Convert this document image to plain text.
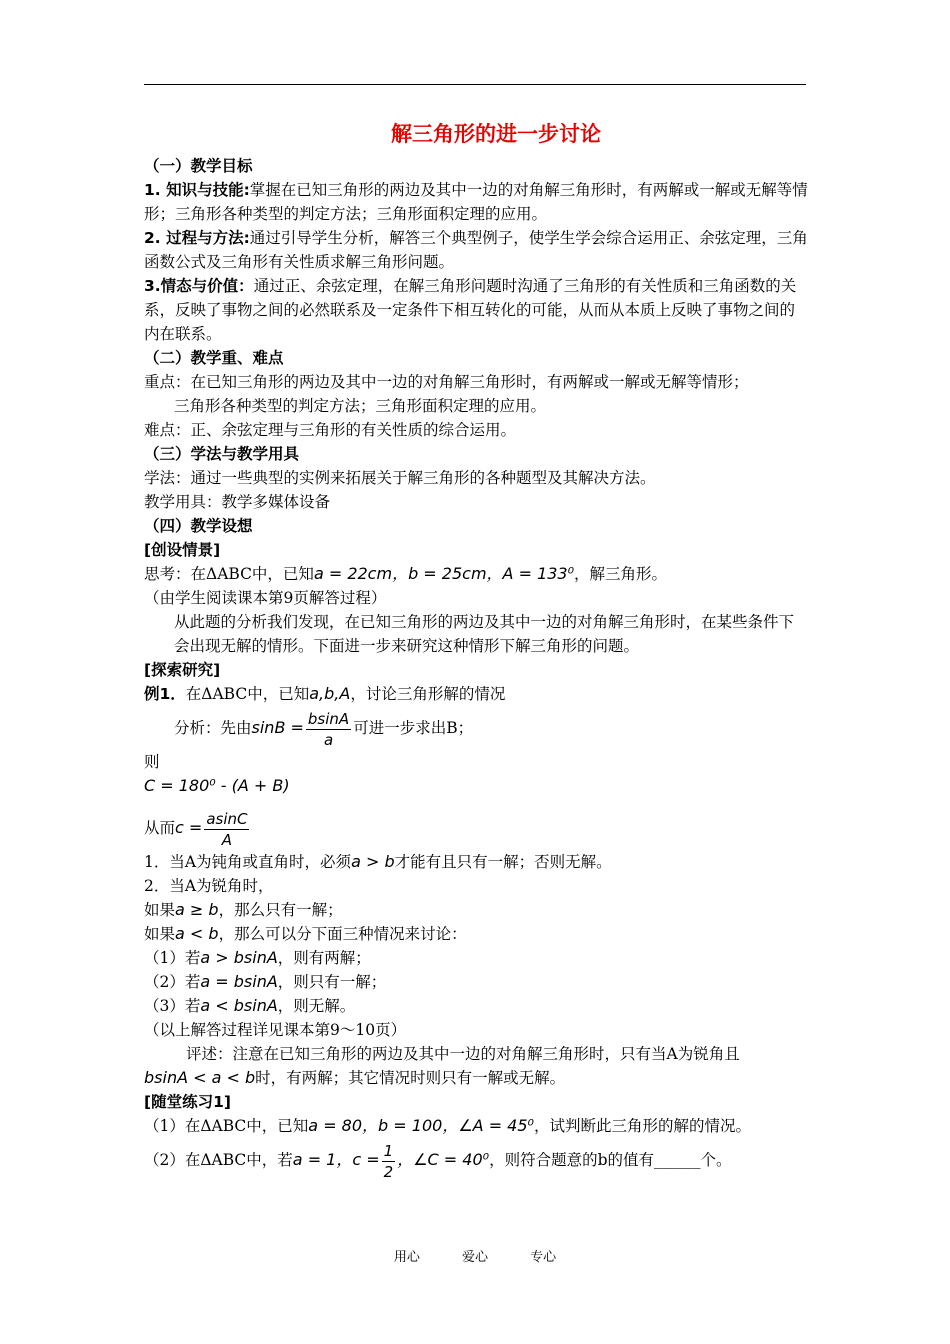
解三角形的进一步讨论

（一）教学目标

1. 知识与技能:掌握在已知三角形的两边及其中一边的对角解三角形时，有两解或一解或无解等情形；三角形各种类型的判定方法；三角形面积定理的应用。

2. 过程与方法:通过引导学生分析，解答三个典型例子，使学生学会综合运用正、余弦定理，三角函数公式及三角形有关性质求解三角形问题。

3.情态与价值：通过正、余弦定理，在解三角形问题时沟通了三角形的有关性质和三角函数的关系，反映了事物之间的必然联系及一定条件下相互转化的可能，从而从本质上反映了事物之间的内在联系。

（二）教学重、难点

重点：在已知三角形的两边及其中一边的对角解三角形时，有两解或一解或无解等情形；

三角形各种类型的判定方法；三角形面积定理的应用。

难点：正、余弦定理与三角形的有关性质的综合运用。

（三）学法与教学用具

学法：通过一些典型的实例来拓展关于解三角形的各种题型及其解决方法。

教学用具：教学多媒体设备

（四）教学设想

[创设情景]

思考：在ΔABC中，已知a = 22cm，b = 25cm，A = 133⁰，解三角形。

（由学生阅读课本第9页解答过程）

从此题的分析我们发现，在已知三角形的两边及其中一边的对角解三角形时，在某些条件下会出现无解的情形。下面进一步来研究这种情形下解三角形的问题。

[探索研究]

例1．在ΔABC中，已知a,b,A，讨论三角形解的情况

分析：先由$\sin B = \frac{bsinA}{a}$ 可进一步求出B；

则

C = 180⁰ - (A + B)

从而$c = \frac{asinC}{A}$

1．当A为钝角或直角时，必须a > b才能有且只有一解；否则无解。

2．当A为锐角时，

如果a ≥ b，那么只有一解；

如果a < b，那么可以分下面三种情况来讨论：

（1）若a > bsinA，则有两解；

（2）若a = bsinA，则只有一解；

（3）若a < bsinA，则无解。

（以上解答过程详见课本第9～10页）

评述：注意在已知三角形的两边及其中一边的对角解三角形时，只有当A为锐角且

bsinA < a < b时，有两解；其它情况时则只有一解或无解。

[随堂练习1]

（1）在ΔABC中，已知a = 80，b = 100，∠A = 45⁰，试判断此三角形的解的情况。

（2）在ΔABC中，若a = 1，$c = \frac{1}{2}$ ，∠C = 40⁰，则符合题意的b的值有______个。

用心	爱心	专心
